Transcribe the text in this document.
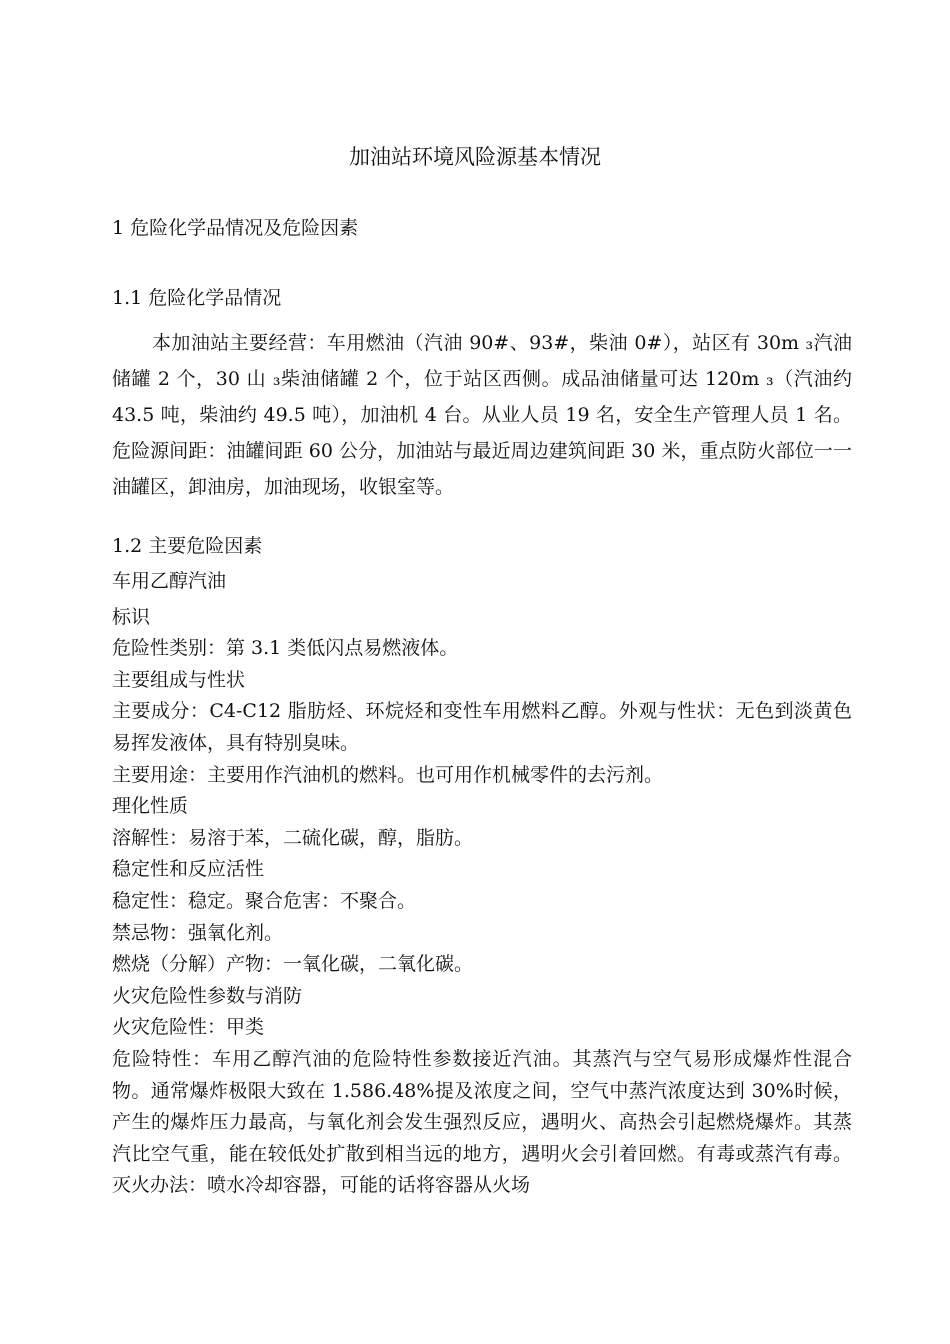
加油站环境风险源基本情况
1 危险化学品情况及危险因素
1.1 危险化学品情况
本加油站主要经营：车用燃油（汽油 90#、93#，柴油 0#），站区有 30m ₃汽油储罐 2 个，30 山 ₃柴油储罐 2 个，位于站区西侧。成品油储量可达 120m ₃（汽油约 43.5 吨，柴油约 49.5 吨），加油机 4 台。从业人员 19 名，安全生产管理人员 1 名。危险源间距：油罐间距 60 公分，加油站与最近周边建筑间距 30 米，重点防火部位一一油罐区，卸油房，加油现场，收银室等。
1.2 主要危险因素
车用乙醇汽油
标识
危险性类别：第 3.1 类低闪点易燃液体。
主要组成与性状
主要成分：C4-C12 脂肪烃、环烷烃和变性车用燃料乙醇。外观与性状：无色到淡黄色易挥发液体，具有特别臭味。
主要用途：主要用作汽油机的燃料。也可用作机械零件的去污剂。
理化性质
溶解性：易溶于苯，二硫化碳，醇，脂肪。
稳定性和反应活性
稳定性：稳定。聚合危害：不聚合。
禁忌物：强氧化剂。
燃烧（分解）产物：一氧化碳，二氧化碳。
火灾危险性参数与消防
火灾危险性：甲类
危险特性：车用乙醇汽油的危险特性参数接近汽油。其蒸汽与空气易形成爆炸性混合物。通常爆炸极限大致在 1.586.48%提及浓度之间，空气中蒸汽浓度达到 30%时候，产生的爆炸压力最高，与氧化剂会发生强烈反应，遇明火、高热会引起燃烧爆炸。其蒸汽比空气重，能在较低处扩散到相当远的地方，遇明火会引着回燃。有毒或蒸汽有毒。灭火办法：喷水冷却容器，可能的话将容器从火场
